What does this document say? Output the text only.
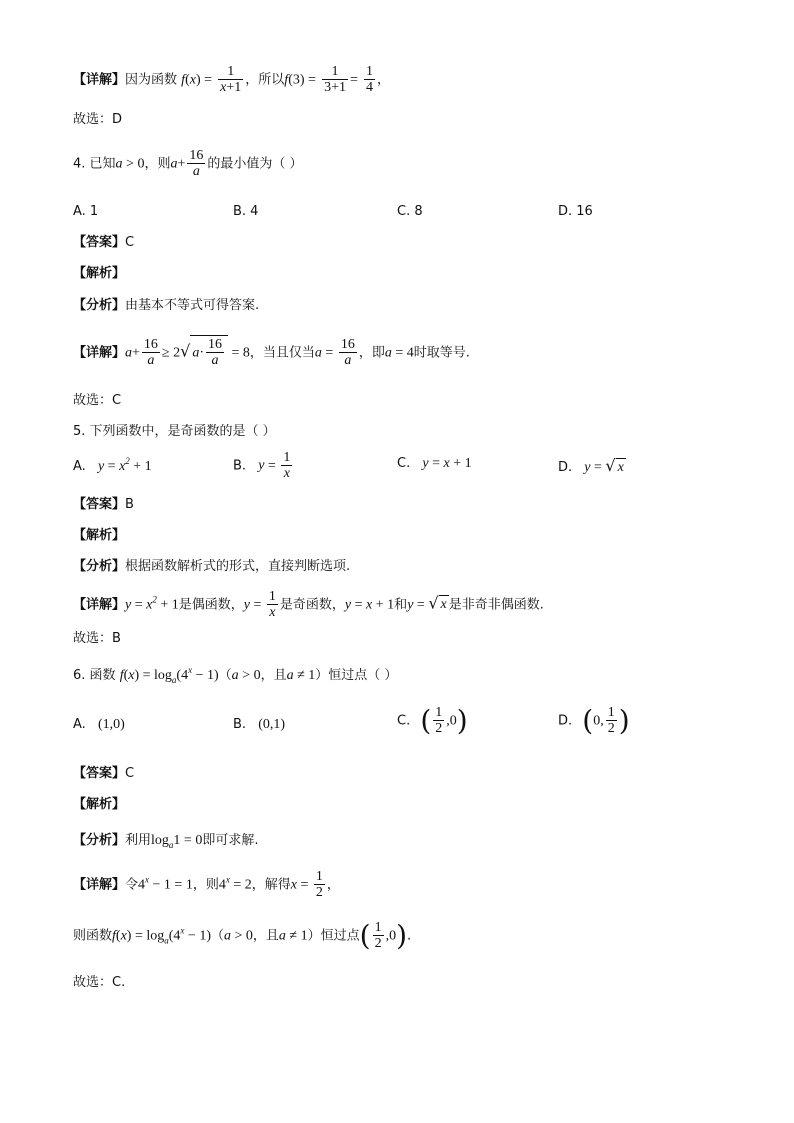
【详解】因为函数 $f(x) = \frac{1}{x+1}$ ，所以$f(3) = \frac{1}{3+1} = \frac{1}{4}$ ，
故选：D
4. 已知a > 0，则$a+ \frac{16}{a}$ 的最小值为（ ）
A. 1	B. 4	C. 8	D. 16
【答案】C
【解析】
【分析】由基本不等式可得答案.
【详解】$a+ \frac{16}{a} \ge 2√$ $a\cdot \frac{16}{a} = 8$，当且仅当$a = \frac{16}{a}$ ，即a = 4时取等号.
故选：C
5. 下列函数中，是奇函数的是（ ）
A. $y = x^2 + 1$	B. $y = \frac{1}{x}$	C. y = x + 1	D. y = √ x
【答案】B
【解析】
【分析】根据函数解析式的形式，直接判断选项.
【详解】$y = x^2 + 1$是偶函数，$y = \frac{1}{x}$ 是奇函数，y = x + 1和y = √ x 是非奇非偶函数.
故选：B
6. 函数 $f(x) = \log_a(4^x - 1)(a > 0$，且a ≠ 1）恒过点（ ）
A. (1,0)	B. (0,1)	C. ( $\frac{1}{2} ,0$)	D. (0, $\frac{1}{2}$ )
【答案】C
【解析】
【分析】利用$\log_a1 = 0$即可求解.
【详解】令$4^x - 1 = 1$，则$4^x = 2$，解得$x = \frac{1}{2}$ ，
则函数$f(x) = \log_a(4^x - 1)(a > 0$，且a ≠ 1）恒过点( $\frac{1}{2} ,0$).
故选：C.
